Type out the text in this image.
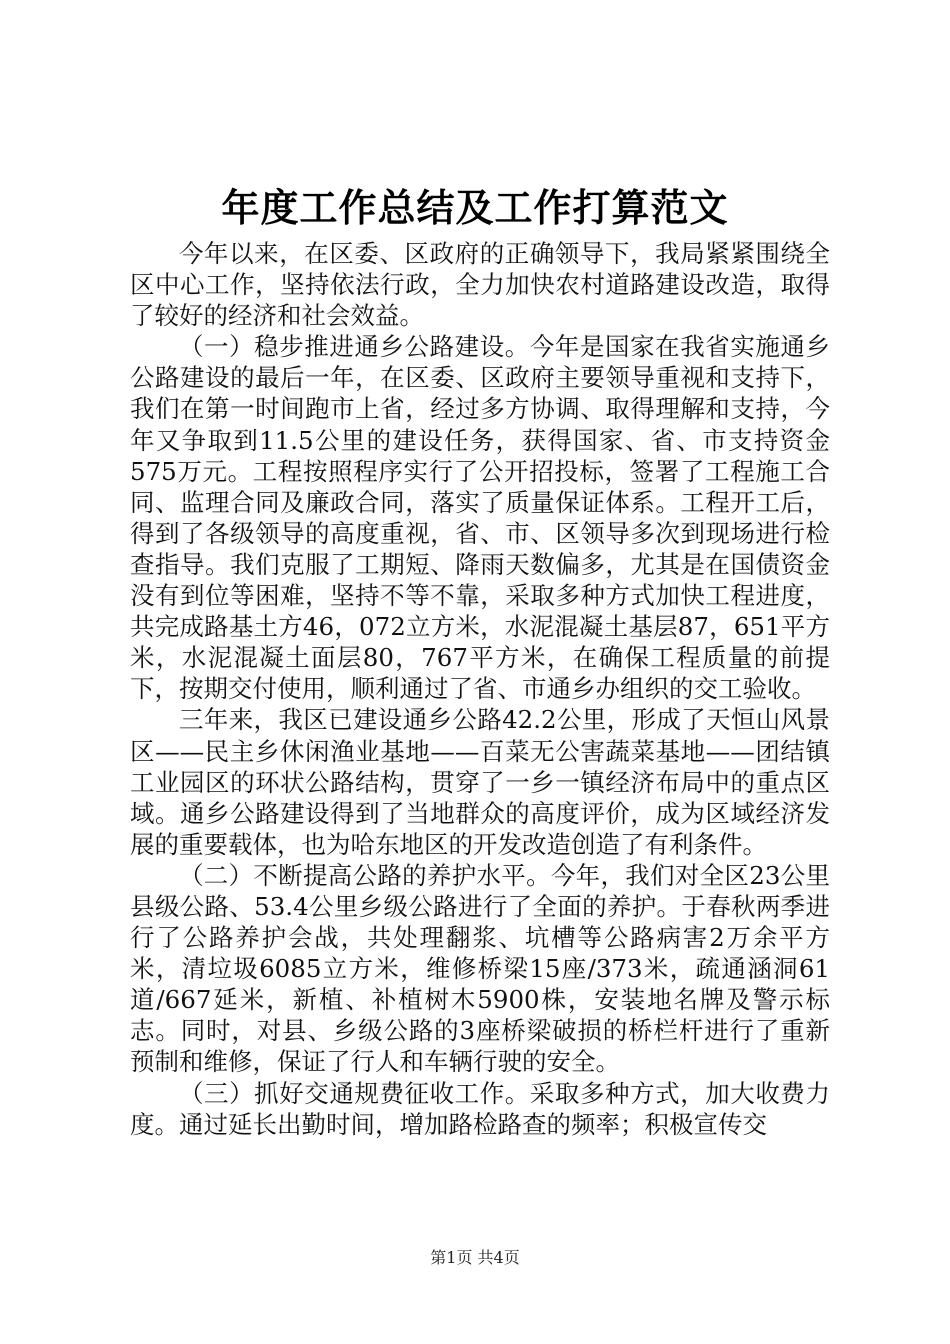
年度工作总结及工作打算范文

今年以来，在区委、区政府的正确领导下，我局紧紧围绕全区中心工作，坚持依法行政，全力加快农村道路建设改造，取得了较好的经济和社会效益。

（一）稳步推进通乡公路建设。今年是国家在我省实施通乡公路建设的最后一年，在区委、区政府主要领导重视和支持下，我们在第一时间跑市上省，经过多方协调、取得理解和支持，今年又争取到11.5公里的建设任务，获得国家、省、市支持资金575万元。工程按照程序实行了公开招投标，签署了工程施工合同、监理合同及廉政合同，落实了质量保证体系。工程开工后，得到了各级领导的高度重视，省、市、区领导多次到现场进行检查指导。我们克服了工期短、降雨天数偏多，尤其是在国债资金没有到位等困难，坚持不等不靠，采取多种方式加快工程进度，共完成路基土方46，072立方米，水泥混凝土基层87，651平方米，水泥混凝土面层80，767平方米，在确保工程质量的前提下，按期交付使用，顺利通过了省、市通乡办组织的交工验收。

三年来，我区已建设通乡公路42.2公里，形成了天恒山风景区——民主乡休闲渔业基地——百菜无公害蔬菜基地——团结镇工业园区的环状公路结构，贯穿了一乡一镇经济布局中的重点区域。通乡公路建设得到了当地群众的高度评价，成为区域经济发展的重要载体，也为哈东地区的开发改造创造了有利条件。

（二）不断提高公路的养护水平。今年，我们对全区23公里县级公路、53.4公里乡级公路进行了全面的养护。于春秋两季进行了公路养护会战，共处理翻浆、坑槽等公路病害2万余平方米，清垃圾6085立方米，维修桥梁15座/373米，疏通涵洞61道/667延米，新植、补植树木5900株，安装地名牌及警示标志。同时，对县、乡级公路的3座桥梁破损的桥栏杆进行了重新预制和维修，保证了行人和车辆行驶的安全。

（三）抓好交通规费征收工作。采取多种方式，加大收费力度。通过延长出勤时间，增加路检路查的频率；积极宣传交

第1页 共4页
